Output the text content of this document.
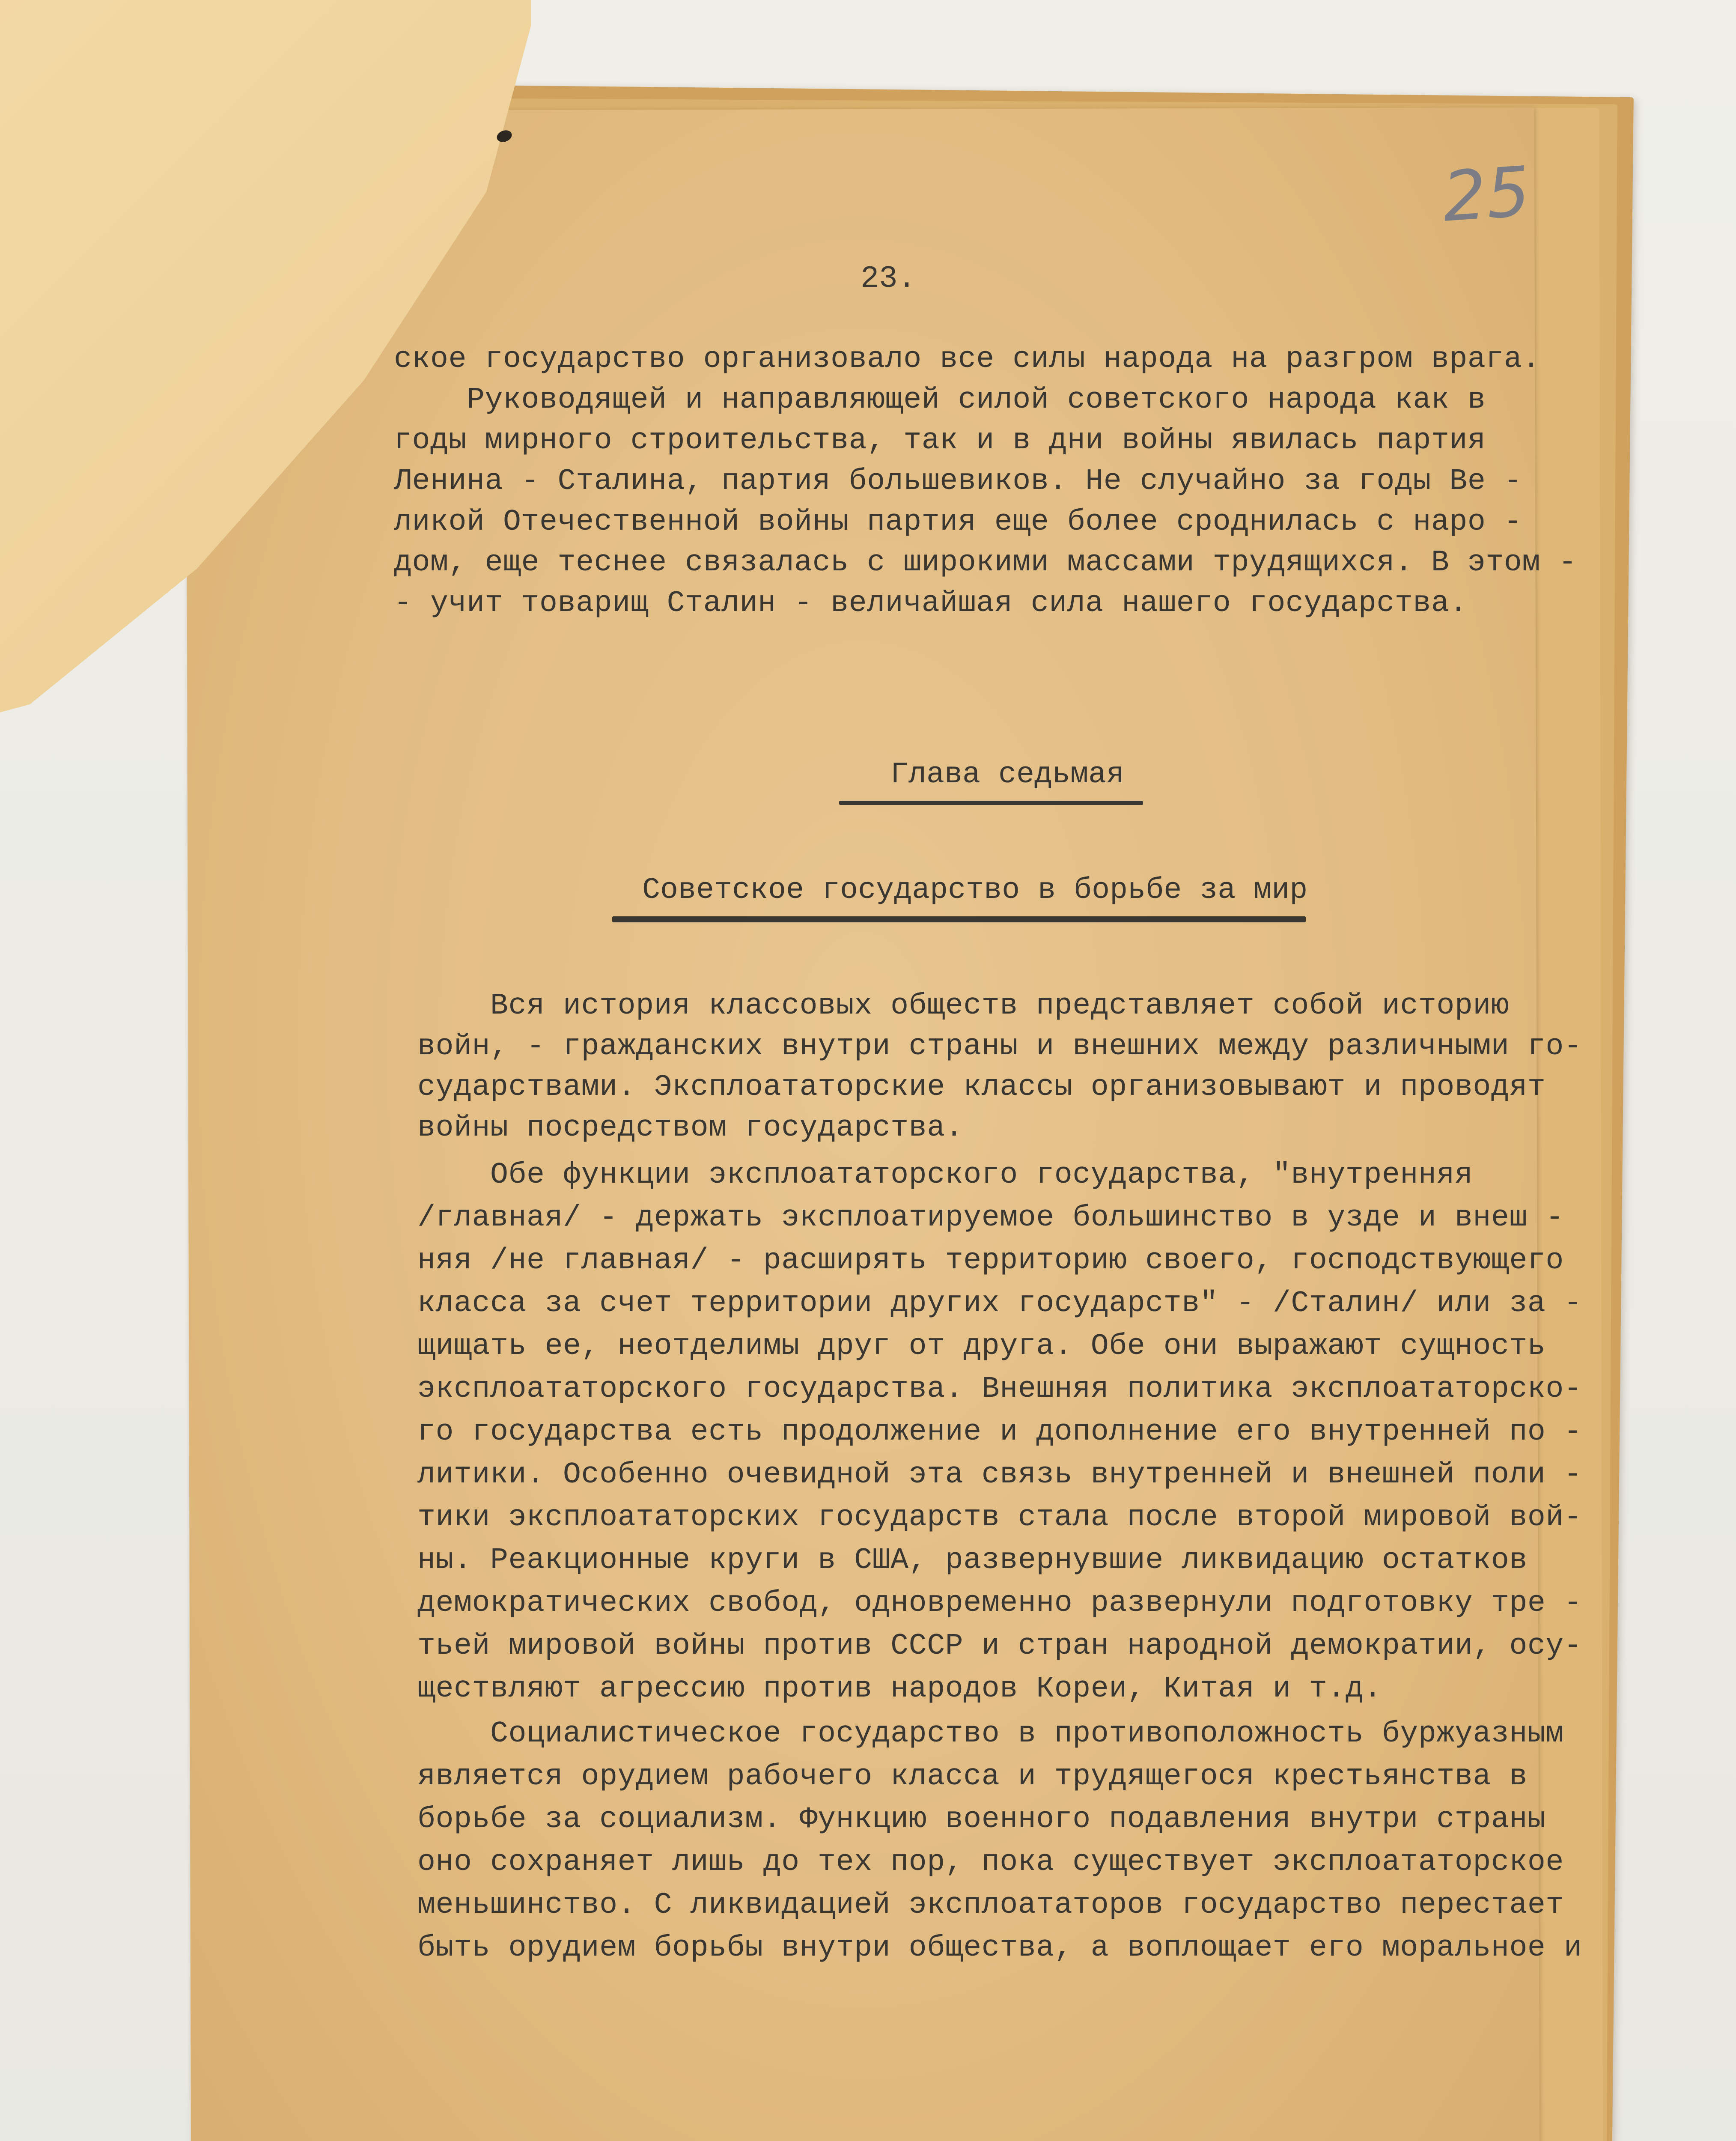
25
23.

ское государство организовало все силы народа на разгром врага.

Руководящей и направляющей силой советского народа как в

годы мирного строительства, так и в дни войны явилась партия

Ленина - Сталина, партия большевиков. Не случайно за годы Ве -

ликой Отечественной войны партия еще более сроднилась с наро -

дом, еще теснее связалась с широкими массами трудящихся. В этом -

- учит товарищ Сталин - величайшая сила нашего государства.

Глава седьмая
Советское государство в борьбе за мир

Вся история классовых обществ представляет собой историю

войн, - гражданских внутри страны и внешних между различными го-

сударствами. Эксплоататорские классы организовывают и проводят

войны посредством государства.

Обе функции эксплоататорского государства, "внутренняя

/главная/ - держать эксплоатируемое большинство в узде и внеш -

няя /не главная/ - расширять территорию своего, господствующего

класса за счет территории других государств" - /Сталин/ или за -

щищать ее, неотделимы друг от друга. Обе они выражают сущность

эксплоататорского государства. Внешняя политика эксплоататорско-

го государства есть продолжение и дополнение его внутренней по -

литики. Особенно очевидной эта связь внутренней и внешней поли -

тики эксплоататорских государств стала после второй мировой вой-

ны. Реакционные круги в США, развернувшие ликвидацию остатков

демократических свобод, одновременно развернули подготовку тре -

тьей мировой войны против СССР и стран народной демократии, осу-

ществляют агрессию против народов Кореи, Китая и т.д.

Социалистическое государство в противоположность буржуазным

является орудием рабочего класса и трудящегося крестьянства в

борьбе за социализм. Функцию военного подавления внутри страны

оно сохраняет лишь до тех пор, пока существует эксплоататорское

меньшинство. С ликвидацией эксплоататоров государство перестает

быть орудием борьбы внутри общества, а воплощает его моральное и
